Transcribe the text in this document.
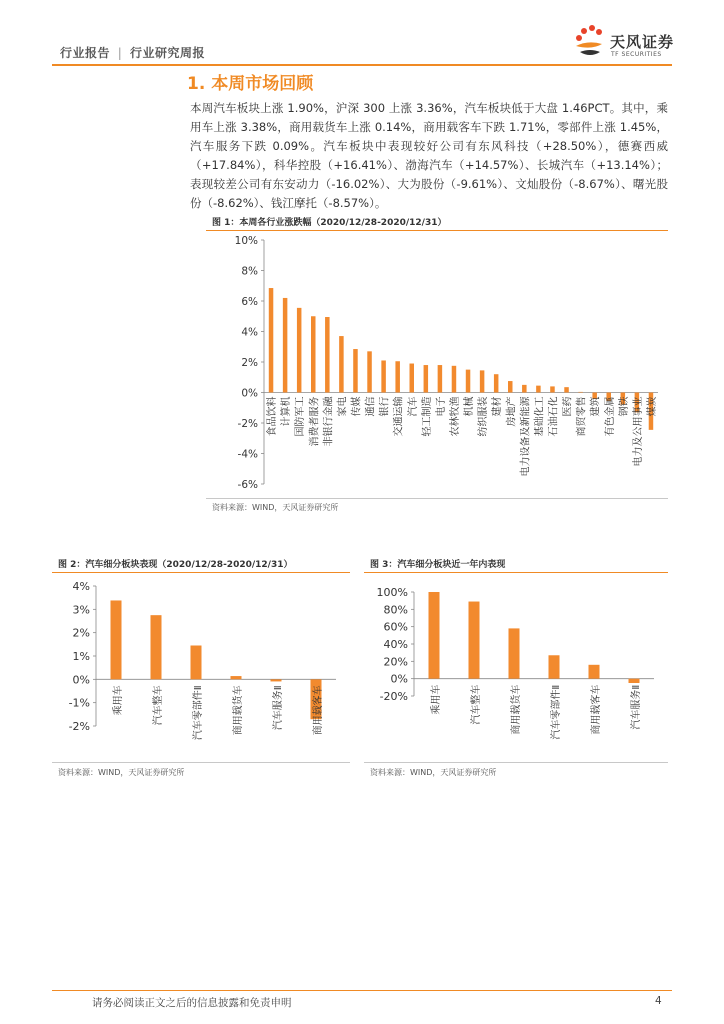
行业报告 | 行业研究周报
天风证券
TF SECURITIES
1. 本周市场回顾

本周汽车板块上涨 1.90%，沪深 300 上涨 3.36%，汽车板块低于大盘 1.46PCT。其中，乘用车上涨 3.38%，商用载货车上涨 0.14%，商用载客车下跌 1.71%，零部件上涨 1.45%，汽车服务下跌 0.09%。汽车板块中表现较好公司有东风科技（+28.50%），德赛西威（+17.84%），科华控股（+16.41%）、渤海汽车（+14.57%）、长城汽车（+13.14%）；表现较差公司有东安动力（-16.02%）、大为股份（-9.61%）、文灿股份（-8.67%）、曙光股份（-8.62%）、钱江摩托（-8.57%）。

图 1：本周各行业涨跌幅（2020/12/28-2020/12/31）
10%
8%
6%
4%
2%
0%
-2%
-4%
-6%
食品饮料 计算机 国防军工 消费者服务 非银行金融 家电 传媒 通信 银行 交通运输 汽车 轻工制造 电子 农林牧渔 机械 纺织服装 建材 房地产 电力设备及新能源 基础化工 石油石化 医药 商贸零售 建筑 有色金属 钢铁 电力及公用事业 煤炭
资料来源：WIND，天风证券研究所
图 2：汽车细分板块表现（2020/12/28-2020/12/31）
4%
3%
2%
1%
0%
-1%
-2%
乘用车	汽车整车	汽车零部件Ⅱ	商用载货车	汽车服务Ⅱ	商用载客车
资料来源：WIND，天风证券研究所
图 3：汽车细分板块近一年内表现
100%
80%
60%
40%
20%
0%
-20% 乘用车	汽车整车	商用载货车	汽车零部件Ⅱ	商用载客车	汽车服务Ⅱ
资料来源：WIND，天风证券研究所
请务必阅读正文之后的信息披露和免责申明	4
